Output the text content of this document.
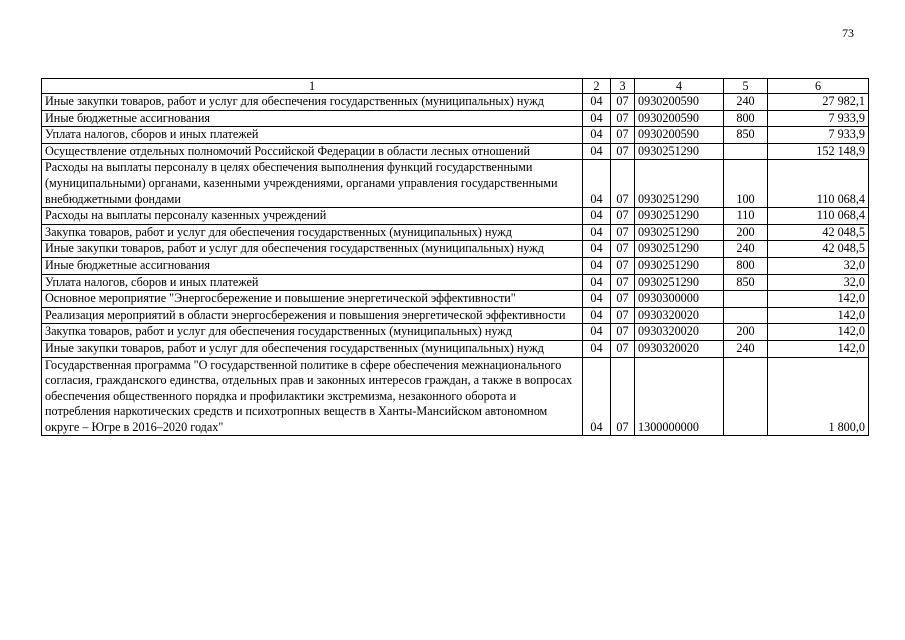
73
1	2	3	4	5	6
Иные закупки товаров, работ и услуг для обеспечения государственных (муниципальных) нужд	04	07	0930200590	240	27 982,1
Иные бюджетные ассигнования	04	07	0930200590	800	7 933,9
Уплата налогов, сборов и иных платежей	04	07	0930200590	850	7 933,9
Осуществление отдельных полномочий Российской Федерации в области лесных отношений	04	07	0930251290		152 148,9
Расходы на выплаты персоналу в целях обеспечения выполнения функций государственными (муниципальными) органами, казенными учреждениями, органами управления государственными внебюджетными фондами	04	07	0930251290	100	110 068,4
Расходы на выплаты персоналу казенных учреждений	04	07	0930251290	110	110 068,4
Закупка товаров, работ и услуг для обеспечения государственных (муниципальных) нужд	04	07	0930251290	200	42 048,5
Иные закупки товаров, работ и услуг для обеспечения государственных (муниципальных) нужд	04	07	0930251290	240	42 048,5
Иные бюджетные ассигнования	04	07	0930251290	800	32,0
Уплата налогов, сборов и иных платежей	04	07	0930251290	850	32,0
Основное мероприятие "Энергосбережение и повышение энергетической эффективности"	04	07	0930300000		142,0
Реализация мероприятий в области энергосбережения и повышения энергетической эффективности	04	07	0930320020		142,0
Закупка товаров, работ и услуг для обеспечения государственных (муниципальных) нужд	04	07	0930320020	200	142,0
Иные закупки товаров, работ и услуг для обеспечения государственных (муниципальных) нужд	04	07	0930320020	240	142,0
Государственная программа "О государственной политике в сфере обеспечения межнационального согласия, гражданского единства, отдельных прав и законных интересов граждан, а также в вопросах обеспечения общественного порядка и профилактики экстремизма, незаконного оборота и потребления наркотических средств и психотропных веществ в Ханты-Мансийском автономном округе – Югре в 2016–2020 годах"	04	07	1300000000		1 800,0
